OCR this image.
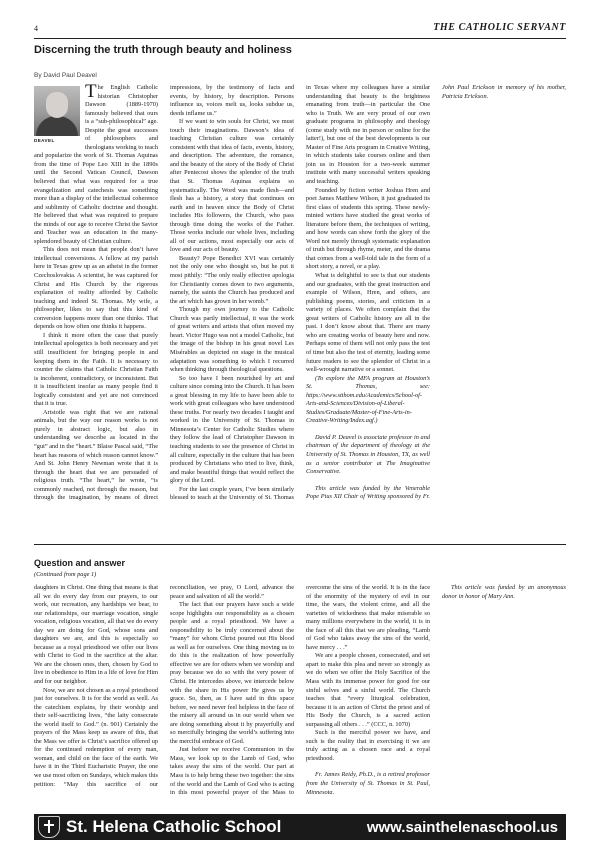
4	THE CATHOLIC SERVANT
Discerning the truth through beauty and holiness
By David Paul Deavel
DEAVEL

The English Catholic historian Christopher Dawson (1889-1970) famously believed that ours is a “sub-philosophical” age. Despite the great successes of philosophers and theologians working to teach and popularize the work of St. Thomas Aquinas from the time of Pope Leo XIII in the 1890s until the Second Vatican Council, Dawson believed that what was required for a true evangelization and catechesis was something more than a display of the intellectual coherence and sublimity of Catholic doctrine and thought. He believed that what was required to prepare the minds of our age to receive Christ the Savior and Teacher was an education in the many-splendored beauty of Christian culture.

This does not mean that people don’t have intellectual conversions. A fellow at my parish here in Texas grew up as an atheist in the former Czechoslovakia. A scientist, he was captured for Christ and His Church by the rigorous explanation of reality afforded by Catholic teaching and indeed St. Thomas. My wife, a philosopher, likes to say that this kind of conversion happens more than one thinks. That depends on how often one thinks it happens.

I think it more often the case that purely intellectual apologetics is both necessary and yet still insufficient for bringing people in and keeping them in the Faith. It is necessary to counter the claims that Catholic Christian Faith is incoherent, contradictory, or inconsistent. But it is insufficient insofar as many people find it logically consistent and yet are not convinced that it is true.

Aristotle was right that we are rational animals, but the way our reason works is not purely in abstract logic, but also in understanding we describe as located in the “gut” and in the “heart.” Blaise Pascal said, “The heart has reasons of which reason cannot know.” And St. John Henry Newman wrote that it is through the heart that we are persuaded of religious truth. “The heart,” he wrote, “is commonly reached, not through the reason, but through the imagination, by means of direct impressions, by the testimony of facts and events, by history, by description. Persons influence us, voices melt us, looks subdue us, deeds inflame us.”

If we want to win souls for Christ, we must touch their imaginations. Dawson’s idea of teaching Christian culture was certainly consistent with that idea of facts, events, history, and description. The adventure, the romance, and the beauty of the story of the Body of Christ after Pentecost shows the splendor of the truth that St. Thomas Aquinas explains so systematically. The Word was made flesh—and flesh has a history, a story that continues on earth and in heaven since the Body of Christ includes His followers, the Church, who pass through time doing the works of the Father. Those works include our whole lives, including all of our actions, most especially our acts of love and our acts of beauty.

Beauty? Pope Benedict XVI was certainly not the only one who thought so, but he put it most pithily: “The only really effective apologia for Christianity comes down to two arguments, namely, the saints the Church has produced and the art which has grown in her womb.”

Though my own journey to the Catholic Church was partly intellectual, it was the work of great writers and artists that often moved my heart. Victor Hugo was not a model Catholic, but the image of the bishop in his great novel Les Misérables as depicted on stage in the musical adaptation was something to which I recurred when thinking through theological questions.

So too have I been nourished by art and culture since coming into the Church. It has been a great blessing in my life to have been able to work with great colleagues who have understood these truths. For nearly two decades I taught and worked in the University of St. Thomas in Minnesota’s Center for Catholic Studies where they follow the lead of Christopher Dawson in teaching students to see the presence of Christ in all culture, especially in the culture that has been produced by Christians who tried to live, think, and make beautiful things that would reflect the glory of the Lord.

For the last couple years, I’ve been similarly blessed to teach at the University of St. Thomas in Texas where my colleagues have a similar understanding that beauty is the brightness emanating from truth—in particular the One who is Truth. We are very proud of our own graduate programs in philosophy and theology (come study with me in person or online for the latter!), but one of the best developments is our Master of Fine Arts program in Creative Writing, in which students take courses online and then join us in Houston for a two-week summer institute with many successful writers speaking and teaching.

Founded by fiction writer Joshua Hren and poet James Matthew Wilson, it just graduated its first class of students this spring. These newly-minted writers have studied the great works of literature before them, the techniques of writing, and how words can show forth the glory of the Word not merely through systematic explanation of truth but through rhyme, meter, and the drama that comes from a well-told tale in the form of a short story, a novel, or a play.

What is delightful to see is that our students and our graduates, with the great instruction and example of Wilson, Hren, and others, are publishing poems, stories, and criticism in a variety of places. We often complain that the great writers of Catholic history are all in the past. I don’t know about that. There are many who are creating works of beauty here and now. Perhaps some of them will not only pass the test of time but also the test of eternity, leading some future readers to see the splendor of Christ in a well-wrought narrative or a sonnet.

(To explore the MFA program at Houston’s St. Thomas, see: https://www.stthom.edu/Academics/School-of-Arts-and-Sciences/Division-of-Liberal-Studies/Graduate/Master-of-Fine-Arts-in-Creative-Writing/Index.aqf.)

David P. Deavel is associate professor in and chairman of the department of theology at the University of St. Thomas in Houston, TX, as well as a senior contributor at The Imaginative Conservative.

This article was funded by the Venerable Pope Pius XII Chair of Writing sponsored by Fr. John Paul Erickson in memory of his mother, Patricia Erickson.

Question and answer
(Continued from page 1)

daughters in Christ. One thing that means is that all we do every day from our prayers, to our work, our recreation, any hardships we bear, to our relationships, our marriage vocation, single vocation, religious vocation, all that we do every day we are doing for God, whose sons and daughters we are, and this is especially so because as a royal priesthood we offer our lives with Christ to God in the sacrifice at the altar. We are the chosen ones, then, chosen by God to live in obedience to Him in a life of love for Him and for our neighbor.

Now, we are not chosen as a royal priesthood just for ourselves. It is for the world as well. As the catechism explains, by their worship and their self-sacrificing lives, “the laity consecrate the world itself to God.” (n. 901) Certainly the prayers of the Mass keep us aware of this, that the Mass we offer is Christ’s sacrifice offered up for the continued redemption of every man, woman, and child on the face of the earth. We have it in the Third Eucharistic Prayer, the one we use most often on Sundays, which makes this petition: “May this sacrifice of our reconciliation, we pray, O Lord, advance the peace and salvation of all the world.”

The fact that our prayers have such a wide scope highlights our responsibility as a chosen people and a royal priesthood. We have a responsibility to be truly concerned about the “many” for whom Christ poured out His blood as well as for ourselves. One thing moving us to do this is the realization of how powerfully effective we are for others when we worship and pray because we do so with the very power of Christ. He intercedes above, we intercede below with the share in His power He gives us by grace. So, then, as I have said in this space before, we need never feel helpless in the face of the misery all around us in our world when we are doing something about it by prayerfully and so mercifully bringing the world’s suffering into the merciful embrace of God.

Just before we receive Communion in the Mass, we look up to the Lamb of God, who takes away the sins of the world. Our part at Mass is to help bring these two together: the sins of the world and the Lamb of God who is acting in this most powerful prayer of the Mass to overcome the sins of the world. It is in the face of the enormity of the mystery of evil in our time, the wars, the violent crime, and all the varieties of wickedness that make miserable so many millions everywhere in the world, it is in the face of all this that we are pleading, “Lamb of God who takes away the sins of the world, have mercy . . .”

We are a people chosen, consecrated, and set apart to make this plea and never so strongly as we do when we offer the Holy Sacrifice of the Mass with its immense power for good for our sinful selves and a sinful world. The Church teaches that “every liturgical celebration, because it is an action of Christ the priest and of His Body the Church, is a sacred action surpassing all others . . .” (CCC, n. 1070)

Such is the merciful power we have, and such is the reality that in exercising it we are truly acting as a chosen race and a royal priesthood.

Fr. James Reidy, Ph.D., is a retired professor from the University of St. Thomas in St. Paul, Minnesota.

This article was funded by an anonymous donor in honor of Mary Ann.

St. Helena Catholic School	www.sainthelenaschool.us
